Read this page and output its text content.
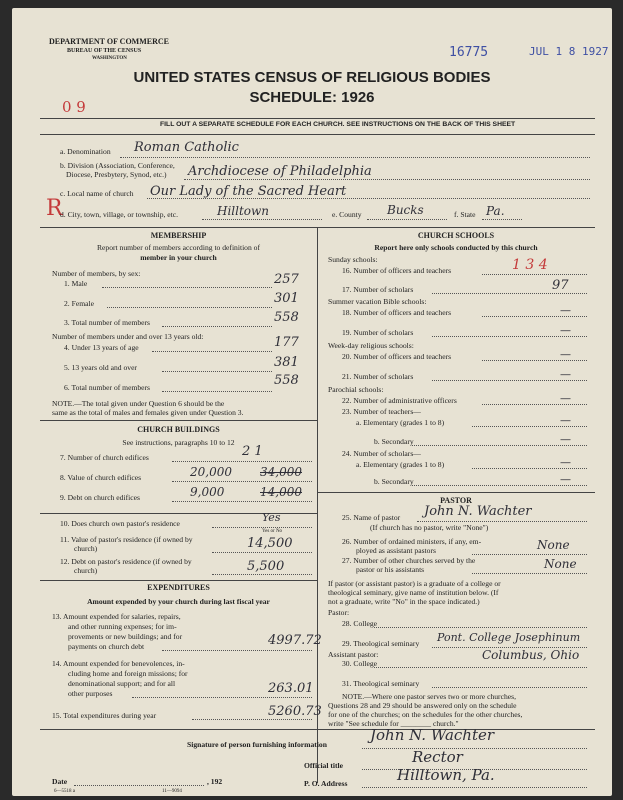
DEPARTMENT OF COMMERCE
BUREAU OF THE CENSUS
WASHINGTON	16775	JUL 1 8 1927
UNITED STATES CENSUS OF RELIGIOUS BODIES
SCHEDULE: 1926
0 9
FILL OUT A SEPARATE SCHEDULE FOR EACH CHURCH. SEE INSTRUCTIONS ON THE BACK OF THIS SHEET
a. Denomination Roman Catholic
b. Division (Association, Conference,
Diocese, Presbytery, Synod, etc.) Archdiocese of Philadelphia
c. Local name of church Our Lady of the Sacred Heart
R
d. City, town, village, or township, etc.	Hilltown	e. County Bucks	f. State Pa.
MEMBERSHIP
Report number of members according to definition of
member in your church
Number of members, by sex:
1. Male	257
2. Female	301
3. Total number of members	558
Number of members under and over 13 years old:
4. Under 13 years of age	177
5. 13 years old and over	381
6. Total number of members	558
NOTE.—The total given under Question 6 should be the
same as the total of males and females given under Question 3.
CHURCH BUILDINGS
See instructions, paragraphs 10 to 12
7. Number of church edifices	2 1
8. Value of church edifices	20,000 34,000
9. Debt on church edifices	9,000	14,000
10. Does church own pastor's residence	Yes
Yes or No
11. Value of pastor's residence (if owned by
church)	14,500
12. Debt on pastor's residence (if owned by
church)	5,500
EXPENDITURES
Amount expended by your church during last fiscal year
13. Amount expended for salaries, repairs,
and other running expenses; for im-
provements or new buildings; and for
payments on church debt	4997.72
14. Amount expended for benevolences, in-
cluding home and foreign missions; for
denominational support; and for all
other purposes	263.01
15. Total expenditures during year	5260.73
CHURCH SCHOOLS
Report here only schools conducted by this church
Sunday schools:
16. Number of officers and teachers	1 3 4
17. Number of scholars	97
Summer vacation Bible schools:
18. Number of officers and teachers	—
19. Number of scholars	—
Week-day religious schools:
20. Number of officers and teachers	—
21. Number of scholars	—
Parochial schools:
22. Number of administrative officers	—
23. Number of teachers—
a. Elementary (grades 1 to 8)	—
b. Secondary	—
24. Number of scholars—
a. Elementary (grades 1 to 8)	—
b. Secondary	—
PASTOR
25. Name of pastor John N. Wachter
(If church has no pastor, write "None")
26. Number of ordained ministers, if any, em-
ployed as assistant pastors	None
27. Number of other churches served by the
pastor or his assistants	None
If pastor (or assistant pastor) is a graduate of a college or
theological seminary, give name of institution below. (If
not a graduate, write "No" in the space indicated.)
Pastor:
28. College
29. Theological seminary Pont. College Josephinum
Columbus, Ohio
Assistant pastor:
30. College
31. Theological seminary
NOTE.—Where one pastor serves two or more churches,
Questions 28 and 29 should be answered only on the schedule
for one of the churches; on the schedules for the other churches,
write "See schedule for ________ church."
Signature of person furnishing information
John N. Wachter
Official title	Rector
Date	, 192	P. O. Address	Hilltown, Pa.
6—5518 a	11—9094
